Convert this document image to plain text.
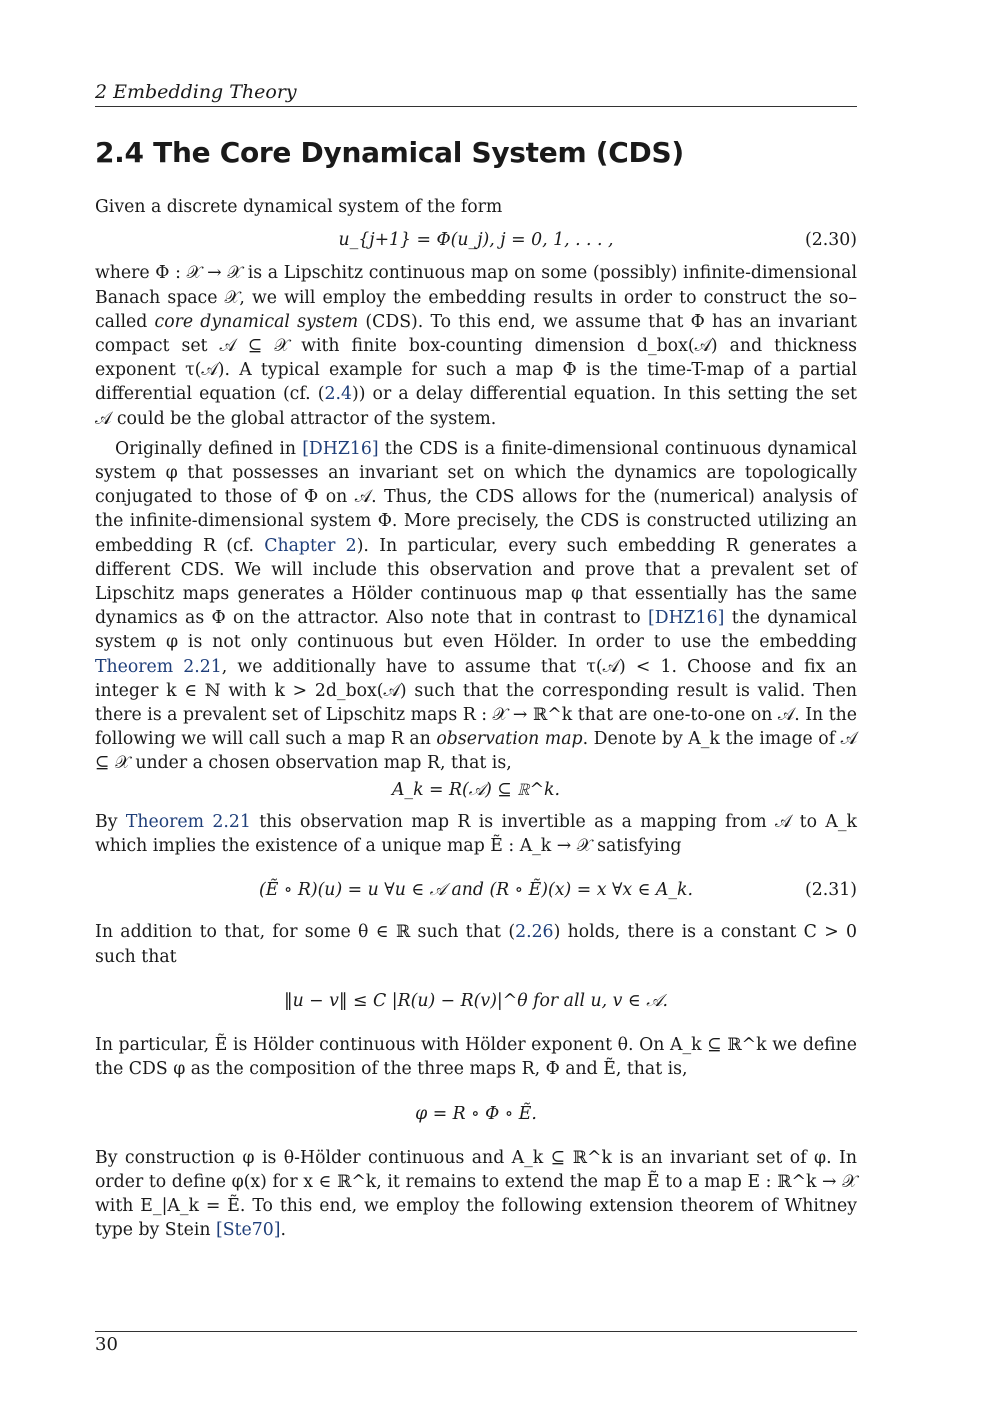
2 Embedding Theory
2.4 The Core Dynamical System (CDS)

Given a discrete dynamical system of the form

u_{j+1} = Φ(u_j), j = 0, 1, . . . ,	(2.30)

where Φ : 𝒳 → 𝒳 is a Lipschitz continuous map on some (possibly) infinite-dimensional Banach space 𝒳, we will employ the embedding results in order to construct the so–called core dynamical system (CDS). To this end, we assume that Φ has an invariant compact set 𝒜 ⊆ 𝒳 with finite box-counting dimension d_box(𝒜) and thickness exponent τ(𝒜). A typical example for such a map Φ is the time-T-map of a partial differential equation (cf. (2.4)) or a delay differential equation. In this setting the set 𝒜 could be the global attractor of the system.

Originally defined in [DHZ16] the CDS is a finite-dimensional continuous dynamical system φ that possesses an invariant set on which the dynamics are topologically conjugated to those of Φ on 𝒜. Thus, the CDS allows for the (numerical) analysis of the infinite-dimensional system Φ. More precisely, the CDS is constructed utilizing an embedding R (cf. Chapter 2). In particular, every such embedding R generates a different CDS. We will include this observation and prove that a prevalent set of Lipschitz maps generates a Hölder continuous map φ that essentially has the same dynamics as Φ on the attractor. Also note that in contrast to [DHZ16] the dynamical system φ is not only continuous but even Hölder. In order to use the embedding Theorem 2.21, we additionally have to assume that τ(𝒜) < 1. Choose and fix an integer k ∈ ℕ with k > 2d_box(𝒜) such that the corresponding result is valid. Then there is a prevalent set of Lipschitz maps R : 𝒳 → ℝ^k that are one-to-one on 𝒜. In the following we will call such a map R an observation map. Denote by A_k the image of 𝒜 ⊆ 𝒳 under a chosen observation map R, that is,

A_k = R(𝒜) ⊆ ℝ^k.

By Theorem 2.21 this observation map R is invertible as a mapping from 𝒜 to A_k which implies the existence of a unique map Ẽ : A_k → 𝒳 satisfying

(Ẽ ∘ R)(u) = u ∀u ∈ 𝒜 and (R ∘ Ẽ)(x) = x ∀x ∈ A_k.	(2.31)

In addition to that, for some θ ∈ ℝ such that (2.26) holds, there is a constant C > 0 such that

‖u − v‖ ≤ C |R(u) − R(v)|^θ for all u, v ∈ 𝒜.

In particular, Ẽ is Hölder continuous with Hölder exponent θ. On A_k ⊆ ℝ^k we define the CDS φ as the composition of the three maps R, Φ and Ẽ, that is,

φ = R ∘ Φ ∘ Ẽ.

By construction φ is θ-Hölder continuous and A_k ⊆ ℝ^k is an invariant set of φ. In order to define φ(x) for x ∈ ℝ^k, it remains to extend the map Ẽ to a map E : ℝ^k → 𝒳 with E_|A_k = Ẽ. To this end, we employ the following extension theorem of Whitney type by Stein [Ste70].

30
